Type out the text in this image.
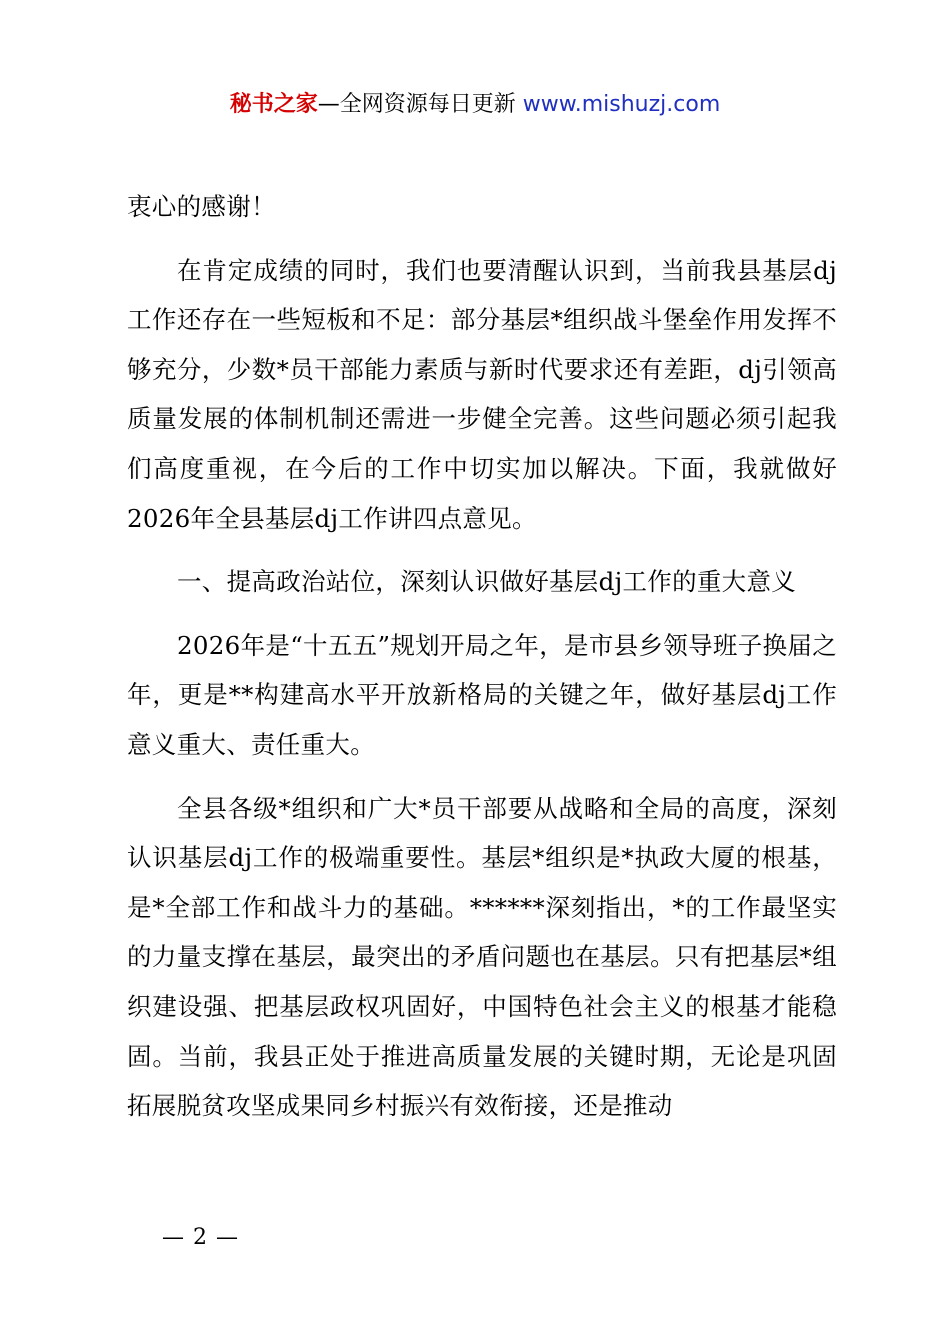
秘书之家—全网资源每日更新 www.mishuzj.com

衷心的感谢！

在肯定成绩的同时，我们也要清醒认识到，当前我县基层dj工作还存在一些短板和不足：部分基层*组织战斗堡垒作用发挥不够充分，少数*员干部能力素质与新时代要求还有差距，dj引领高质量发展的体制机制还需进一步健全完善。这些问题必须引起我们高度重视，在今后的工作中切实加以解决。下面，我就做好2026年全县基层dj工作讲四点意见。

一、提高政治站位，深刻认识做好基层dj工作的重大意义

2026年是“十五五”规划开局之年，是市县乡领导班子换届之年，更是**构建高水平开放新格局的关键之年，做好基层dj工作意义重大、责任重大。

全县各级*组织和广大*员干部要从战略和全局的高度，深刻认识基层dj工作的极端重要性。基层*组织是*执政大厦的根基，是*全部工作和战斗力的基础。******深刻指出，*的工作最坚实的力量支撑在基层，最突出的矛盾问题也在基层。只有把基层*组织建设强、把基层政权巩固好，中国特色社会主义的根基才能稳固。当前，我县正处于推进高质量发展的关键时期，无论是巩固拓展脱贫攻坚成果同乡村振兴有效衔接，还是推动

— 2 —
